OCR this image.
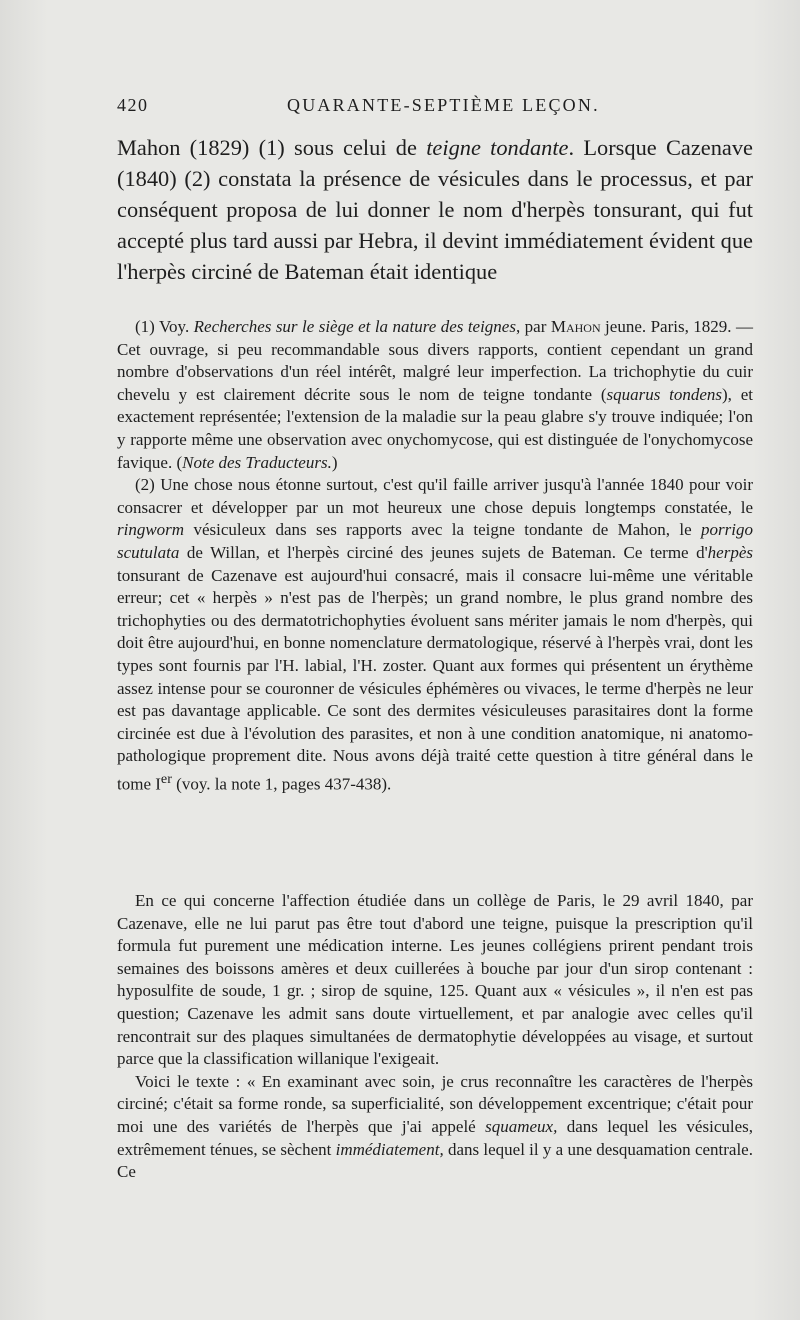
420	QUARANTE-SEPTIÈME LEÇON.

Mahon (1829) (1) sous celui de teigne tondante. Lorsque Cazenave (1840) (2) constata la présence de vésicules dans le processus, et par conséquent proposa de lui donner le nom d'herpès tonsurant, qui fut accepté plus tard aussi par Hebra, il devint immédiatement évident que l'herpès circiné de Bateman était identique

(1) Voy. Recherches sur le siège et la nature des teignes, par Mahon jeune. Paris, 1829. — Cet ouvrage, si peu recommandable sous divers rapports, contient cependant un grand nombre d'observations d'un réel intérêt, malgré leur imperfection. La trichophytie du cuir chevelu y est clairement décrite sous le nom de teigne tondante (squarus tondens), et exactement représentée; l'extension de la maladie sur la peau glabre s'y trouve indiquée; l'on y rapporte même une observation avec onychomycose, qui est distinguée de l'onychomycose favique. (Note des Traducteurs.)

(2) Une chose nous étonne surtout, c'est qu'il faille arriver jusqu'à l'année 1840 pour voir consacrer et développer par un mot heureux une chose depuis longtemps constatée, le ringworm vésiculeux dans ses rapports avec la teigne tondante de Mahon, le porrigo scutulata de Willan, et l'herpès circiné des jeunes sujets de Bateman. Ce terme d'herpès tonsurant de Cazenave est aujourd'hui consacré, mais il consacre lui-même une véritable erreur; cet « herpès » n'est pas de l'herpès; un grand nombre, le plus grand nombre des trichophyties ou des dermatotrichophyties évoluent sans mériter jamais le nom d'herpès, qui doit être aujourd'hui, en bonne nomenclature dermatologique, réservé à l'herpès vrai, dont les types sont fournis par l'H. labial, l'H. zoster. Quant aux formes qui présentent un érythème assez intense pour se couronner de vésicules éphémères ou vivaces, le terme d'herpès ne leur est pas davantage applicable. Ce sont des dermites vésiculeuses parasitaires dont la forme circinée est due à l'évolution des parasites, et non à une condition anatomique, ni anatomo-pathologique proprement dite. Nous avons déjà traité cette question à titre général dans le tome Ier (voy. la note 1, pages 437-438).

En ce qui concerne l'affection étudiée dans un collège de Paris, le 29 avril 1840, par Cazenave, elle ne lui parut pas être tout d'abord une teigne, puisque la prescription qu'il formula fut purement une médication interne. Les jeunes collégiens prirent pendant trois semaines des boissons amères et deux cuillerées à bouche par jour d'un sirop contenant : hyposulfite de soude, 1 gr. ; sirop de squine, 125. Quant aux « vésicules », il n'en est pas question; Cazenave les admit sans doute virtuellement, et par analogie avec celles qu'il rencontrait sur des plaques simultanées de dermatophytie développées au visage, et surtout parce que la classification willanique l'exigeait.

Voici le texte : « En examinant avec soin, je crus reconnaître les caractères de l'herpès circiné; c'était sa forme ronde, sa superficialité, son développement excentrique; c'était pour moi une des variétés de l'herpès que j'ai appelé squameux, dans lequel les vésicules, extrêmement ténues, se sèchent immédiatement, dans lequel il y a une desquamation centrale. Ce
